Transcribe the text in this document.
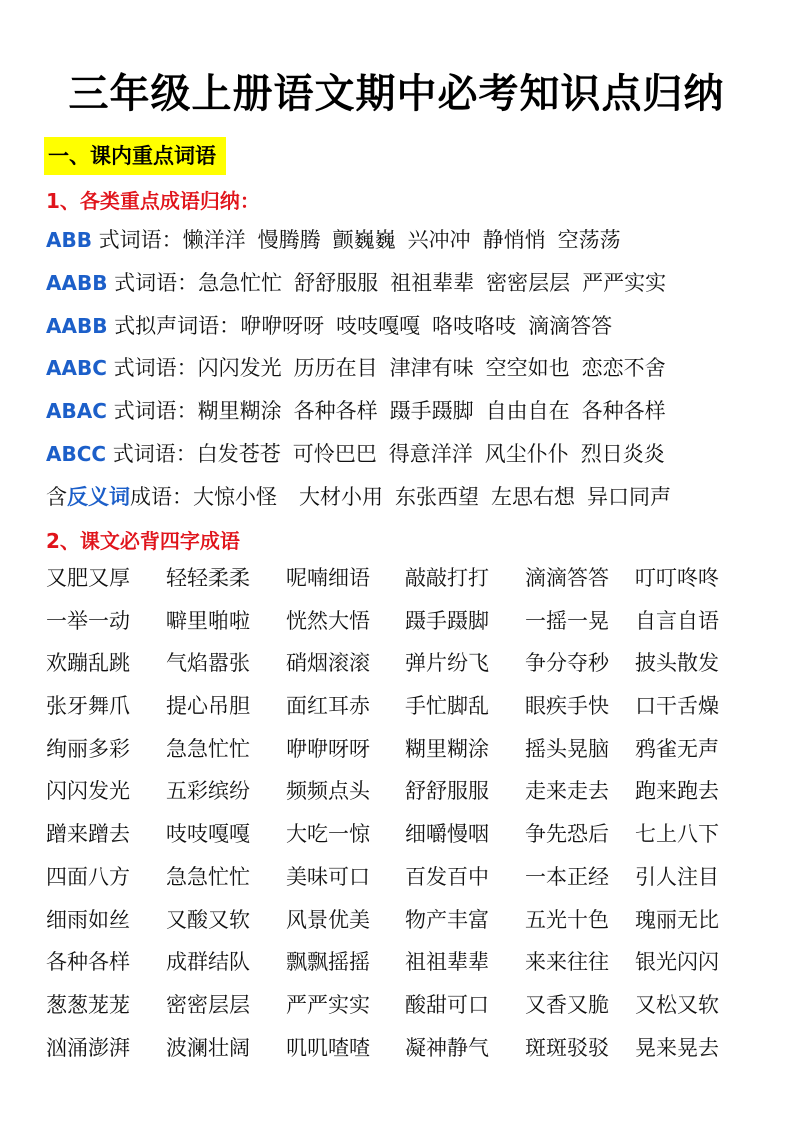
三年级上册语文期中必考知识点归纳
一、课内重点词语
1、各类重点成语归纳：
ABB 式词语：懒洋洋 慢腾腾 颤巍巍 兴冲冲 静悄悄 空荡荡
AABB 式词语：急急忙忙 舒舒服服 祖祖辈辈 密密层层 严严实实
AABB 式拟声词语：咿咿呀呀 吱吱嘎嘎 咯吱咯吱 滴滴答答
AABC 式词语：闪闪发光 历历在目 津津有味 空空如也 恋恋不舍
ABAC 式词语：糊里糊涂 各种各样 蹑手蹑脚 自由自在 各种各样
ABCC 式词语：白发苍苍 可怜巴巴 得意洋洋 风尘仆仆 烈日炎炎
含反义词成语：大惊小怪 大材小用 东张西望 左思右想 异口同声
2、课文必背四字成语
又肥又厚 轻轻柔柔 呢喃细语 敲敲打打 滴滴答答 叮叮咚咚
一举一动 噼里啪啦 恍然大悟 蹑手蹑脚 一摇一晃 自言自语
欢蹦乱跳 气焰嚣张 硝烟滚滚 弹片纷飞 争分夺秒 披头散发
张牙舞爪 提心吊胆 面红耳赤 手忙脚乱 眼疾手快 口干舌燥
绚丽多彩 急急忙忙 咿咿呀呀 糊里糊涂 摇头晃脑 鸦雀无声
闪闪发光 五彩缤纷 频频点头 舒舒服服 走来走去 跑来跑去
蹭来蹭去 吱吱嘎嘎 大吃一惊 细嚼慢咽 争先恐后 七上八下
四面八方 急急忙忙 美味可口 百发百中 一本正经 引人注目
细雨如丝 又酸又软 风景优美 物产丰富 五光十色 瑰丽无比
各种各样 成群结队 飘飘摇摇 祖祖辈辈 来来往往 银光闪闪
葱葱茏茏 密密层层 严严实实 酸甜可口 又香又脆 又松又软
汹涌澎湃 波澜壮阔 叽叽喳喳 凝神静气 斑斑驳驳 晃来晃去
